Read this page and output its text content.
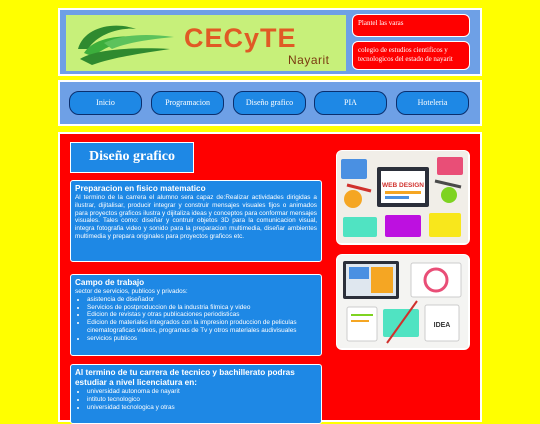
CECyTE
Nayarit
Plantel las varas
colegio de estudios cientificos y tecnologicos del estado de nayarit
Inicio	Programacion	Diseño grafico	PIA	Hoteleria
Diseño grafico
Preparacion en fisico matematico

Al termino de la carrera el alumno sera capaz de:Realizar actividades dirigidas a ilustrar, dijitalisar, producir integrar y construir mensajes visuales fijos o animados para proyectos graficos ilustra y dijitaliza ideas y conceptos para conformar mensajes visuales. Tales como: diseñar y contruir objetos 3D para la comunicacion visual, integra fotografia video y sonido para la preparacion multimedia, diseñar ambientes multimedia y prepara originales para proyectos graficos etc.

Campo de trabajo

sector de servicios, publicos y privados:

• asistencia de diseñador
• Servicios de postproduccion de la industria filmica y video
• Edicion de revistas y otras publicaciones periodisticas
• Edicion de materiales integrados con la impresion produccion de peliculas cinematograficas videos, programas de Tv y otros materiales audivisuales
• servicios publicos
Al termino de tu carrera de tecnico y bachillerato podras estudiar a nivel licenciatura en:
• universidad autonoma de nayarit
• intituto tecnologico
• universidad tecnologica y otras
WEB DESIGN
IDEA
